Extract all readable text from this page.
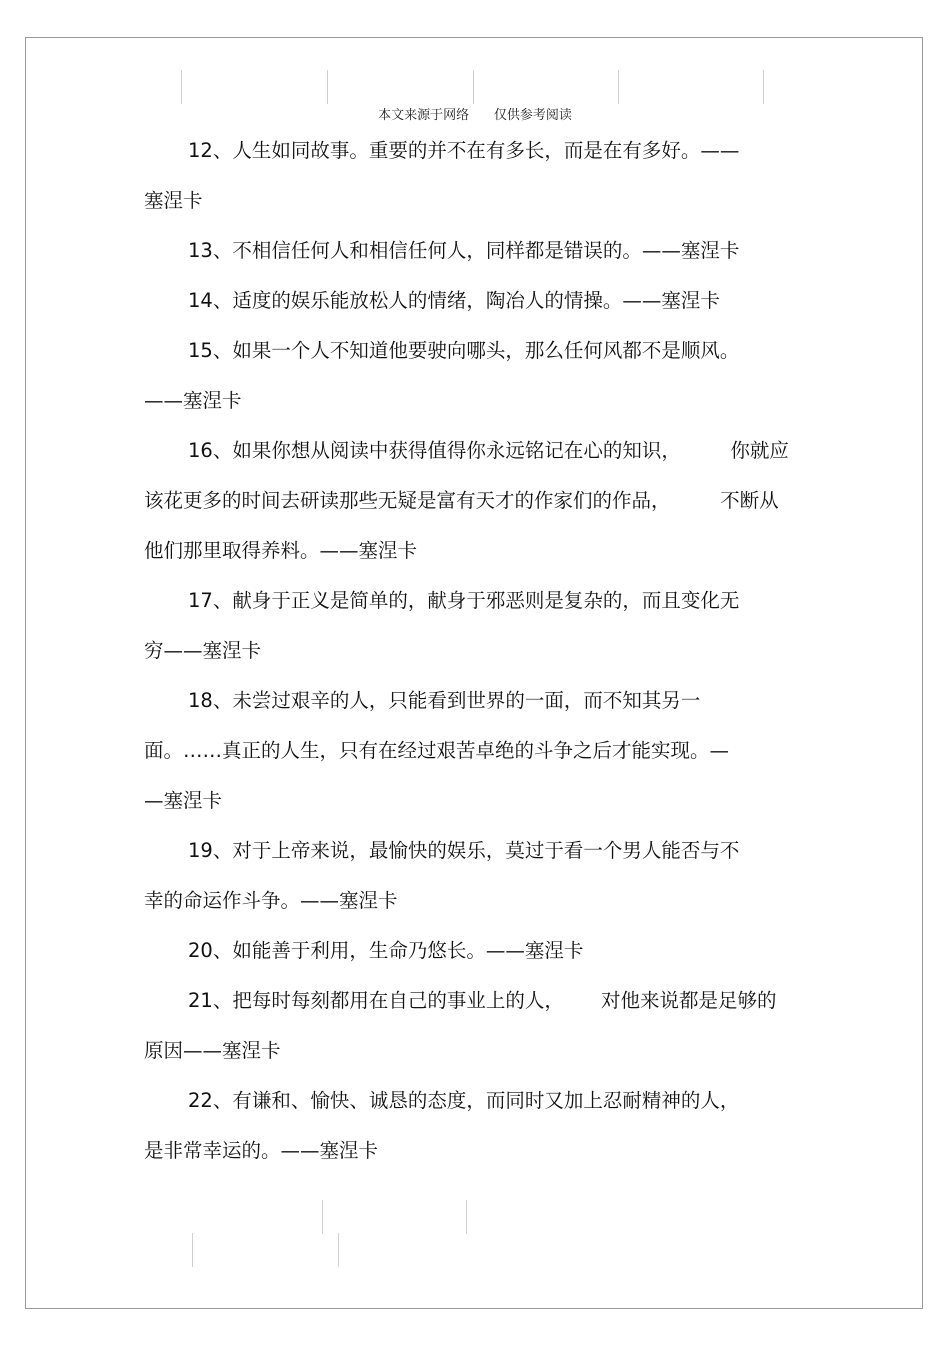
本文来源于网络      仅供参考阅读
12、人生如同故事。重要的并不在有多长，而是在有多好。——
塞涅卡
13、不相信任何人和相信任何人，同样都是错误的。——塞涅卡
14、适度的娱乐能放松人的情绪，陶冶人的情操。——塞涅卡
15、如果一个人不知道他要驶向哪头，那么任何风都不是顺风。
——塞涅卡
16、如果你想从阅读中获得值得你永远铭记在心的知识，        你就应
该花更多的时间去研读那些无疑是富有天才的作家们的作品，        不断从
他们那里取得养料。——塞涅卡
17、献身于正义是简单的，献身于邪恶则是复杂的，而且变化无
穷——塞涅卡
18、未尝过艰辛的人，只能看到世界的一面，而不知其另一
面。……真正的人生，只有在经过艰苦卓绝的斗争之后才能实现。—
—塞涅卡
19、对于上帝来说，最愉快的娱乐，莫过于看一个男人能否与不
幸的命运作斗争。——塞涅卡
20、如能善于利用，生命乃悠长。——塞涅卡
21、把每时每刻都用在自己的事业上的人，      对他来说都是足够的
原因——塞涅卡
22、有谦和、愉快、诚恳的态度，而同时又加上忍耐精神的人，
是非常幸运的。——塞涅卡
